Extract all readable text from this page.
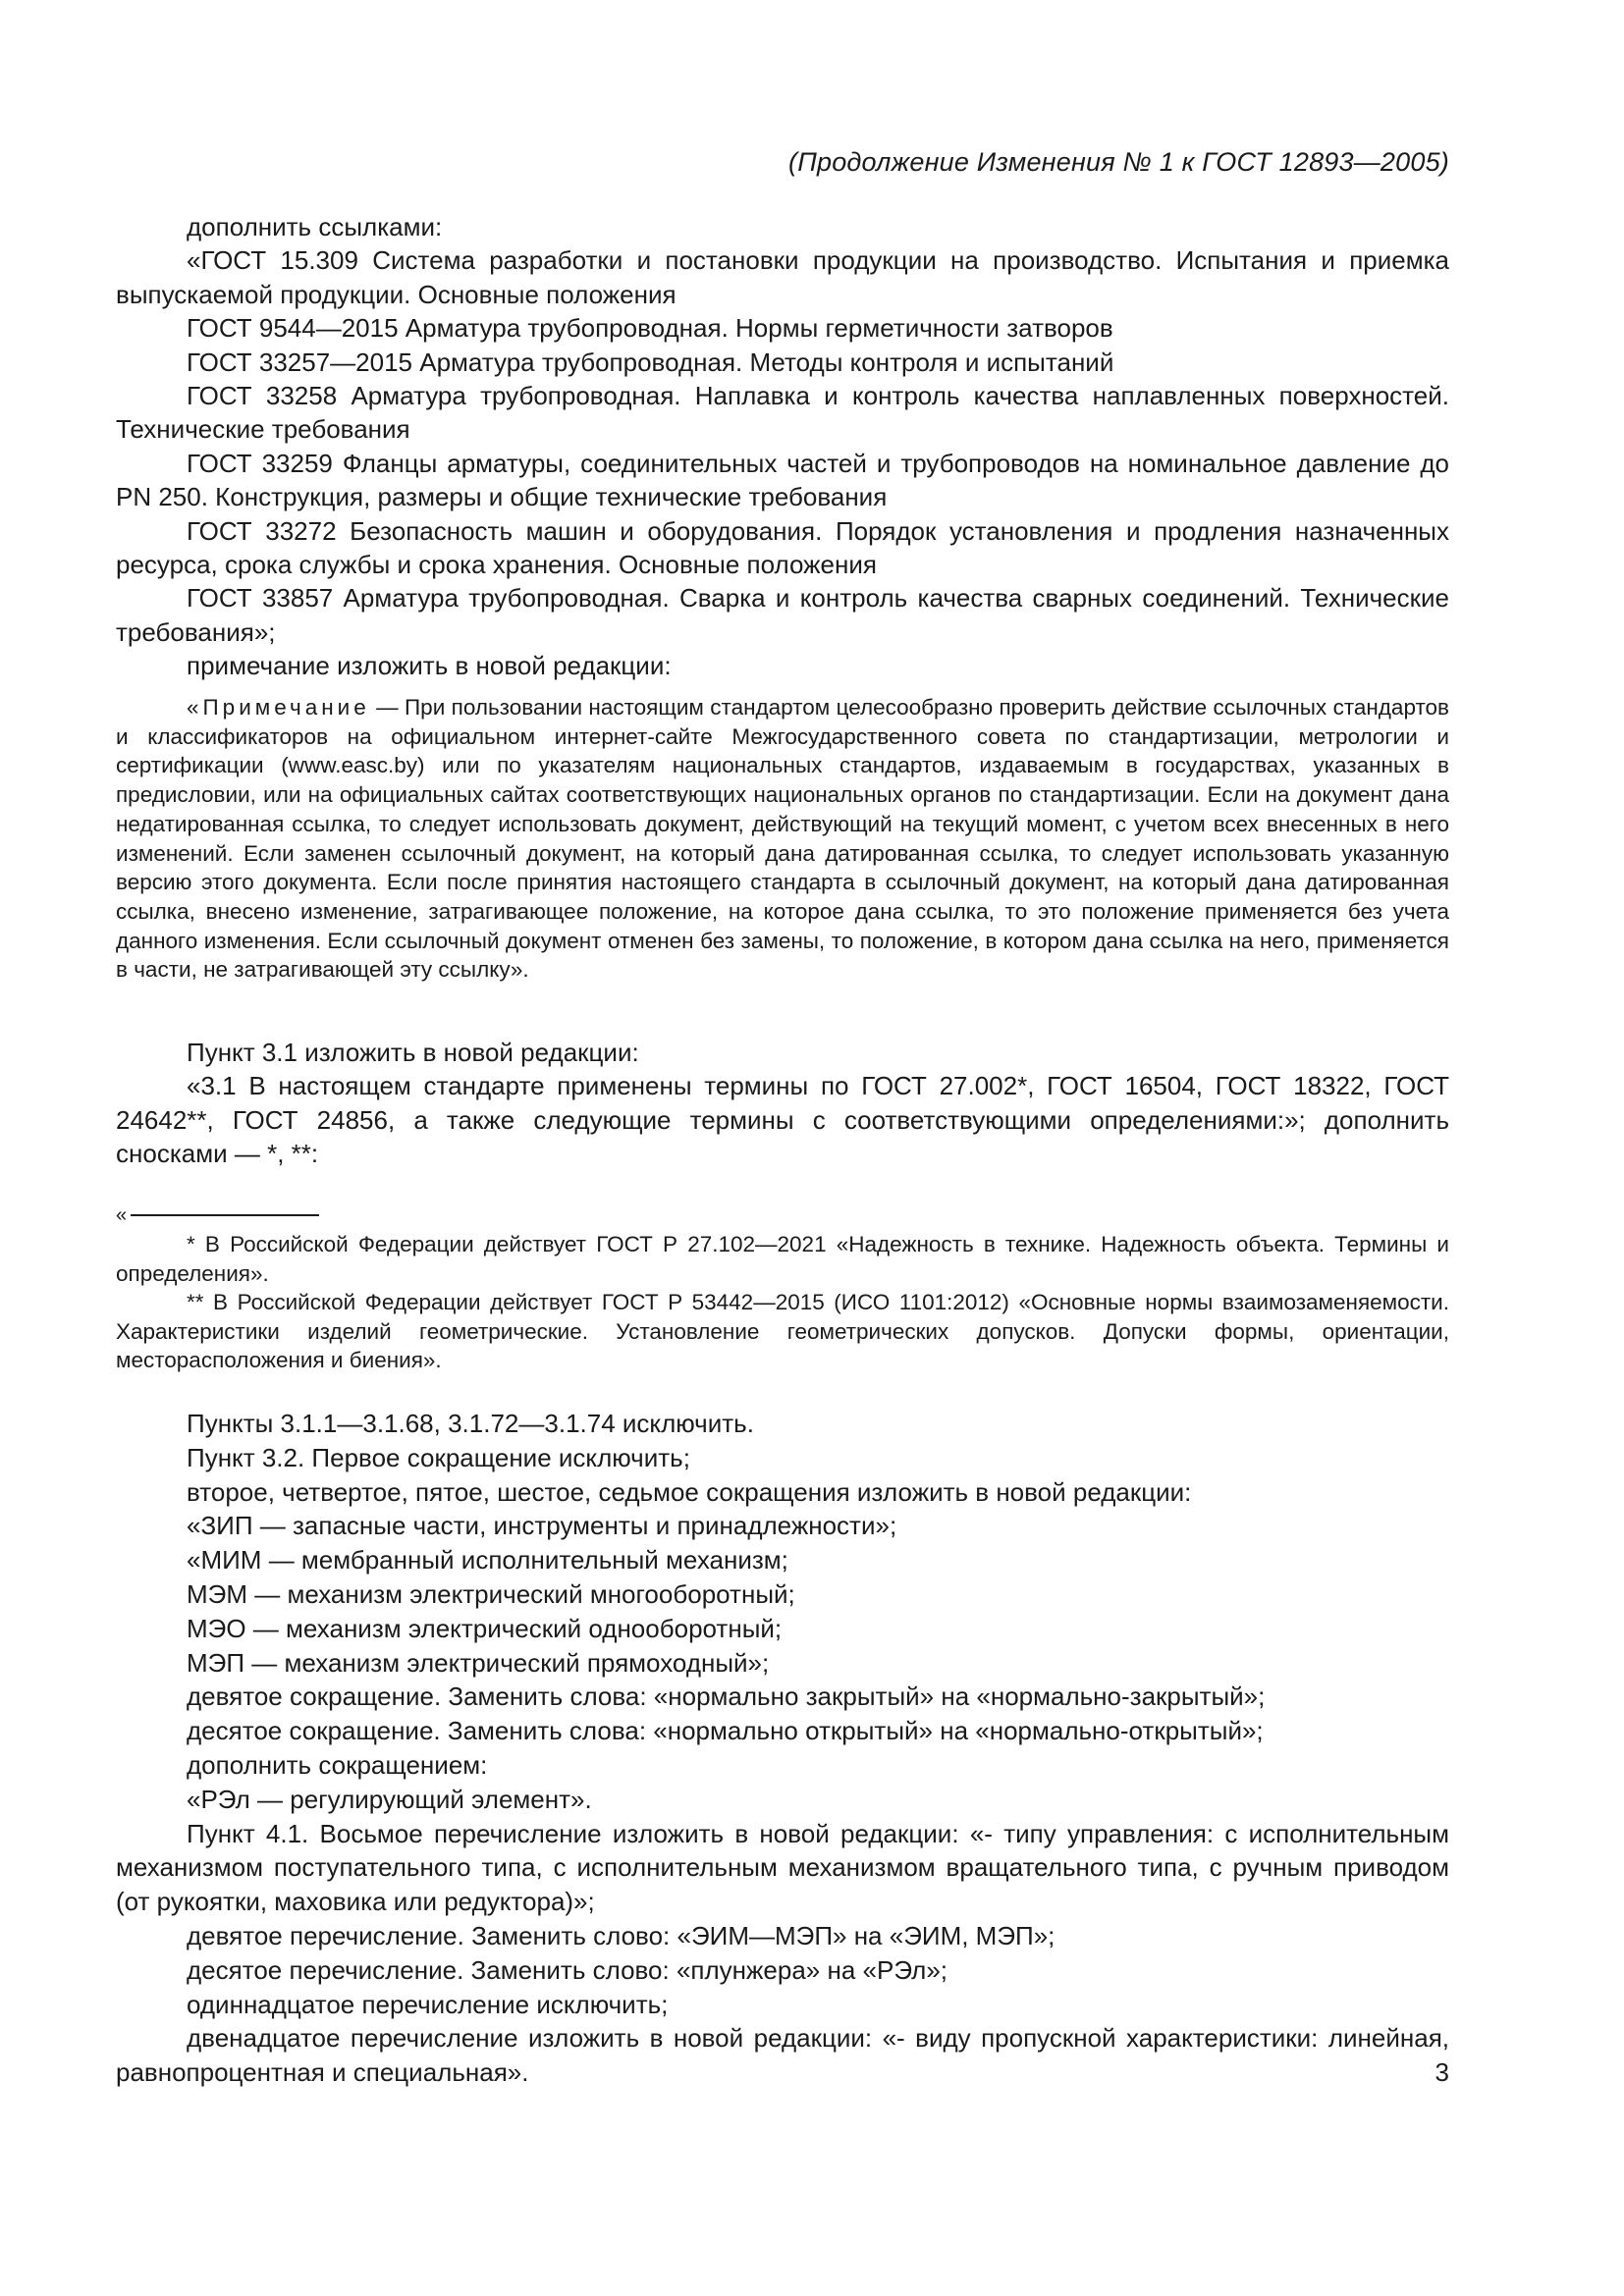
(Продолжение Изменения № 1 к ГОСТ 12893—2005)

дополнить ссылками:

«ГОСТ 15.309 Система разработки и постановки продукции на производство. Испытания и приемка выпускаемой продукции. Основные положения

ГОСТ 9544—2015 Арматура трубопроводная. Нормы герметичности затворов

ГОСТ 33257—2015 Арматура трубопроводная. Методы контроля и испытаний

ГОСТ 33258 Арматура трубопроводная. Наплавка и контроль качества наплавленных поверхностей. Технические требования

ГОСТ 33259 Фланцы арматуры, соединительных частей и трубопроводов на номинальное давление до PN 250. Конструкция, размеры и общие технические требования

ГОСТ 33272 Безопасность машин и оборудования. Порядок установления и продления назначенных ресурса, срока службы и срока хранения. Основные положения

ГОСТ 33857 Арматура трубопроводная. Сварка и контроль качества сварных соединений. Технические требования»;

примечание изложить в новой редакции:

«Примечание — При пользовании настоящим стандартом целесообразно проверить действие ссылочных стандартов и классификаторов на официальном интернет-сайте Межгосударственного совета по стандартизации, метрологии и сертификации (www.easc.by) или по указателям национальных стандартов, издаваемым в государствах, указанных в предисловии, или на официальных сайтах соответствующих национальных органов по стандартизации. Если на документ дана недатированная ссылка, то следует использовать документ, действующий на текущий момент, с учетом всех внесенных в него изменений. Если заменен ссылочный документ, на который дана датированная ссылка, то следует использовать указанную версию этого документа. Если после принятия настоящего стандарта в ссылочный документ, на который дана датированная ссылка, внесено изменение, затрагивающее положение, на которое дана ссылка, то это положение применяется без учета данного изменения. Если ссылочный документ отменен без замены, то положение, в котором дана ссылка на него, применяется в части, не затрагивающей эту ссылку».

Пункт 3.1 изложить в новой редакции:

«3.1 В настоящем стандарте применены термины по ГОСТ 27.002*, ГОСТ 16504, ГОСТ 18322, ГОСТ 24642**, ГОСТ 24856, а также следующие термины с соответствующими определениями:»; дополнить сносками — *, **:

«

* В Российской Федерации действует ГОСТ Р 27.102—2021 «Надежность в технике. Надежность объекта. Термины и определения».

** В Российской Федерации действует ГОСТ Р 53442—2015 (ИСО 1101:2012) «Основные нормы взаимозаменяемости. Характеристики изделий геометрические. Установление геометрических допусков. Допуски формы, ориентации, месторасположения и биения».

Пункты 3.1.1—3.1.68, 3.1.72—3.1.74 исключить.

Пункт 3.2. Первое сокращение исключить;

второе, четвертое, пятое, шестое, седьмое сокращения изложить в новой редакции:

«ЗИП — запасные части, инструменты и принадлежности»;

«МИМ — мембранный исполнительный механизм;

МЭМ — механизм электрический многооборотный;

МЭО — механизм электрический однооборотный;

МЭП — механизм электрический прямоходный»;

девятое сокращение. Заменить слова: «нормально закрытый» на «нормально-закрытый»;

десятое сокращение. Заменить слова: «нормально открытый» на «нормально-открытый»;

дополнить сокращением:

«РЭл — регулирующий элемент».

Пункт 4.1. Восьмое перечисление изложить в новой редакции: «- типу управления: с исполнительным механизмом поступательного типа, с исполнительным механизмом вращательного типа, с ручным приводом (от рукоятки, маховика или редуктора)»;

девятое перечисление. Заменить слово: «ЭИМ—МЭП» на «ЭИМ, МЭП»;

десятое перечисление. Заменить слово: «плунжера» на «РЭл»;

одиннадцатое перечисление исключить;

двенадцатое перечисление изложить в новой редакции: «- виду пропускной характеристики: линейная, равнопроцентная и специальная».	3
